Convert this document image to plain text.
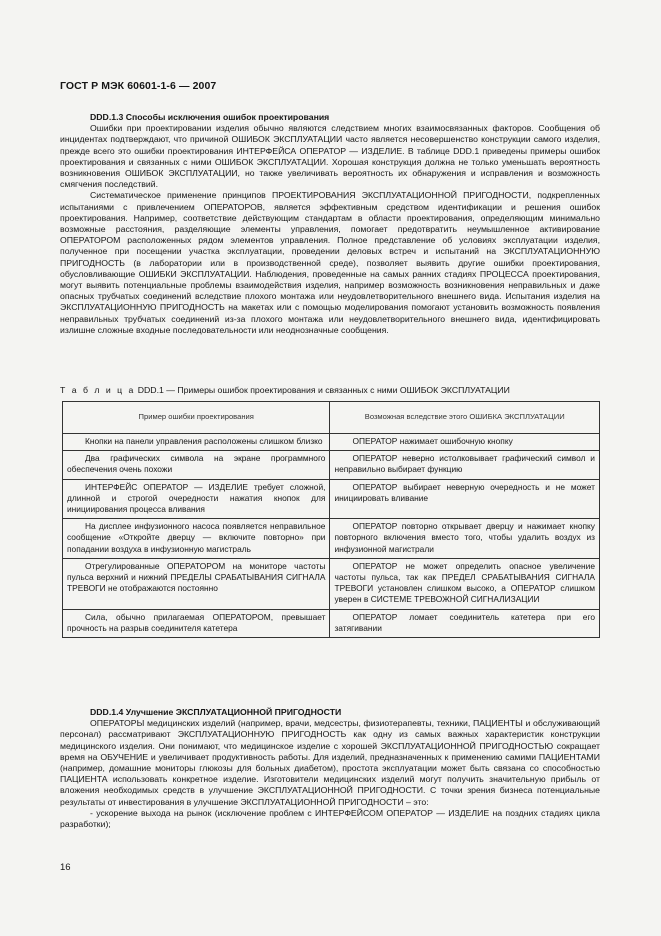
ГОСТ Р МЭК 60601-1-6 — 2007
DDD.1.3 Способы исключения ошибок проектирования

Ошибки при проектировании изделия обычно являются следствием многих взаимосвязанных факторов. Сообщения об инцидентах подтверждают, что причиной ОШИБОК ЭКСПЛУАТАЦИИ часто является несовершенство конструкции самого изделия, прежде всего это ошибки проектирования ИНТЕРФЕЙСА ОПЕРАТОР — ИЗДЕЛИЕ. В таблице DDD.1 приведены примеры ошибок проектирования и связанных с ними ОШИБОК ЭКСПЛУАТАЦИИ. Хорошая конструкция должна не только уменьшать вероятность возникновения ОШИБОК ЭКСПЛУАТАЦИИ, но также увеличивать вероятность их обнаружения и исправления и возможность смягчения последствий.

Систематическое применение принципов ПРОЕКТИРОВАНИЯ ЭКСПЛУАТАЦИОННОЙ ПРИГОДНОСТИ, подкрепленных испытаниями с привлечением ОПЕРАТОРОВ, является эффективным средством идентификации и решения ошибок проектирования. Например, соответствие действующим стандартам в области проектирования, определяющим минимально возможные расстояния, разделяющие элементы управления, помогает предотвратить неумышленное активирование ОПЕРАТОРОМ расположенных рядом элементов управления. Полное представление об условиях эксплуатации изделия, полученное при посещении участка эксплуатации, проведении деловых встреч и испытаний на ЭКСПЛУАТАЦИОННУЮ ПРИГОДНОСТЬ (в лаборатории или в производственной среде), позволяет выявить другие ошибки проектирования, обусловливающие ОШИБКИ ЭКСПЛУАТАЦИИ. Наблюдения, проведенные на самых ранних стадиях ПРОЦЕССА проектирования, могут выявить потенциальные проблемы взаимодействия изделия, например возможность возникновения неправильных и даже опасных трубчатых соединений вследствие плохого монтажа или неудовлетворительного внешнего вида. Испытания изделия на ЭКСПЛУАТАЦИОННУЮ ПРИГОДНОСТЬ на макетах или с помощью моделирования помогают установить возможность появления неправильных трубчатых соединений из-за плохого монтажа или неудовлетворительного внешнего вида, идентифицировать излишне сложные входные последовательности или неоднозначные сообщения.

Т а б л и ц а DDD.1 — Примеры ошибок проектирования и связанных с ними ОШИБОК ЭКСПЛУАТАЦИИ
Пример ошибки проектирования	Возможная вследствие этого ОШИБКА ЭКСПЛУАТАЦИИ

Кнопки на панели управления расположены слишком близко	ОПЕРАТОР нажимает ошибочную кнопку

Два графических символа на экране программного обеспечения очень похожи	ОПЕРАТОР неверно истолковывает графический символ и неправильно выбирает функцию

ИНТЕРФЕЙС ОПЕРАТОР — ИЗДЕЛИЕ требует сложной, длинной и строгой очередности нажатия кнопок для инициирования процесса вливания	ОПЕРАТОР выбирает неверную очередность и не может инициировать вливание

На дисплее инфузионного насоса появляется неправильное сообщение «Откройте дверцу — включите повторно» при попадании воздуха в инфузионную магистраль	ОПЕРАТОР повторно открывает дверцу и нажимает кнопку повторного включения вместо того, чтобы удалить воздух из инфузионной магистрали

Отрегулированные ОПЕРАТОРОМ на мониторе частоты пульса верхний и нижний ПРЕДЕЛЫ СРАБАТЫВАНИЯ СИГНАЛА ТРЕВОГИ не отображаются постоянно	ОПЕРАТОР не может определить опасное увеличение частоты пульса, так как ПРЕДЕЛ СРАБАТЫВАНИЯ СИГНАЛА ТРЕВОГИ установлен слишком высоко, а ОПЕРАТОР слишком уверен в СИСТЕМЕ ТРЕВОЖНОЙ СИГНАЛИЗАЦИИ

Сила, обычно прилагаемая ОПЕРАТОРОМ, превышает прочность на разрыв соединителя катетера	ОПЕРАТОР ломает соединитель катетера при его затягивании
DDD.1.4 Улучшение ЭКСПЛУАТАЦИОННОЙ ПРИГОДНОСТИ

ОПЕРАТОРЫ медицинских изделий (например, врачи, медсестры, физиотерапевты, техники, ПАЦИЕНТЫ и обслуживающий персонал) рассматривают ЭКСПЛУАТАЦИОННУЮ ПРИГОДНОСТЬ как одну из самых важных характеристик конструкции медицинского изделия. Они понимают, что медицинское изделие с хорошей ЭКСПЛУАТАЦИОННОЙ ПРИГОДНОСТЬЮ сокращает время на ОБУЧЕНИЕ и увеличивает продуктивность работы. Для изделий, предназначенных к применению самими ПАЦИЕНТАМИ (например, домашние мониторы глюкозы для больных диабетом), простота эксплуатации может быть связана со способностью ПАЦИЕНТА использовать конкретное изделие. Изготовители медицинских изделий могут получить значительную прибыль от вложения необходимых средств в улучшение ЭКСПЛУАТАЦИОННОЙ ПРИГОДНОСТИ. С точки зрения бизнеса потенциальные результаты от инвестирования в улучшение ЭКСПЛУАТАЦИОННОЙ ПРИГОДНОСТИ – это:

- ускорение выхода на рынок (исключение проблем с ИНТЕРФЕЙСОМ ОПЕРАТОР — ИЗДЕЛИЕ на поздних стадиях цикла разработки);

16
